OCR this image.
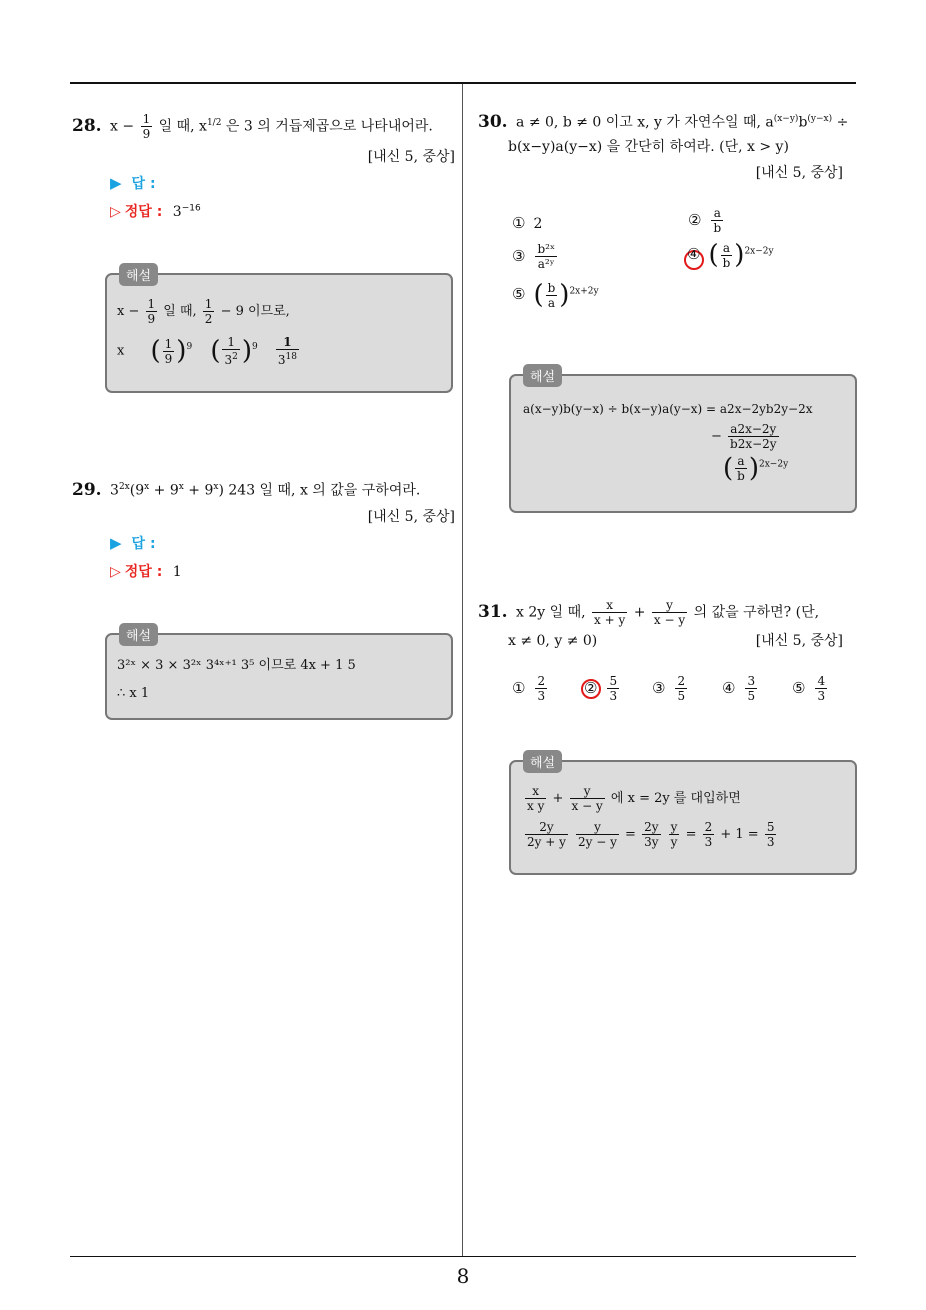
8
28. $x - \frac{1}{9}$ 일 때, $x^{1/2}$ 은 3 의 거듭제곱으로 나타내어라.
[내신 5, 중상]
▶ 답 :
▷ 정답 : $3^{-16}$
해설
$x - \frac{1}{9}$ 일 때, $\frac{1}{2} - 9$ 이므로,
x ( $\frac{1}{9} )^9$ ( $\frac{1}{3^2} )^9 \frac{1}{3^{18}}$
29. $3^{2x}(9^x + 9^x + 9^x)$ 243 일 때, x 의 값을 구하여라.
[내신 5, 중상]
▶ 답 :
▷ 정답 : 1
해설
3²ˣ × 3 × 3²ˣ 3⁴ˣ⁺¹ 3⁵ 이므로 4x + 1 5
∴ x 1
30. a ≠ 0, b ≠ 0 이고 x, y 가 자연수일 때, $a^{(x-y)}b^{(y-x)}$ ÷
b(x−y)a(y−x) 을 간단히 하여라. (단, x > y)
[내신 5, 중상]
① 2	② $\frac{a}{b}$
③ $\frac{\text{b²ˣ}}{\text{a²ʸ}}$	④ ( $\frac{a}{b} )^{2x-2y}$
⑤ ( $\frac{b}{a} )^{2x+2y}$
해설
a(x−y)b(y−x) ÷ b(x−y)a(y−x) = a2x−2yb2y−2x
− $\frac{a2x-2y}{b2x-2y}$
( $\frac{a}{b} )^{2x-2y}$
31. x 2y 일 때, $\frac{x}{x + y} + \frac{y}{x - y}$ 의 값을 구하면? (단,
x ≠ 0, y ≠ 0)	[내신 5, 중상]
① $\frac{2}{3}$ ② $\frac{5}{3}$ ③ $\frac{2}{5}$ ④ $\frac{3}{5}$ ⑤ $\frac{4}{3}$
해설
$\frac{x}{\text{x y}} + \frac{y}{x - y}$ 에 x = 2y 를 대입하면
$\frac{2y}{2y + y}$
$\frac{y}{2y - y} = \frac{2y}{3y}$
$\frac{y}{y} = \frac{2}{3} + 1 = \frac{5}{3}$
